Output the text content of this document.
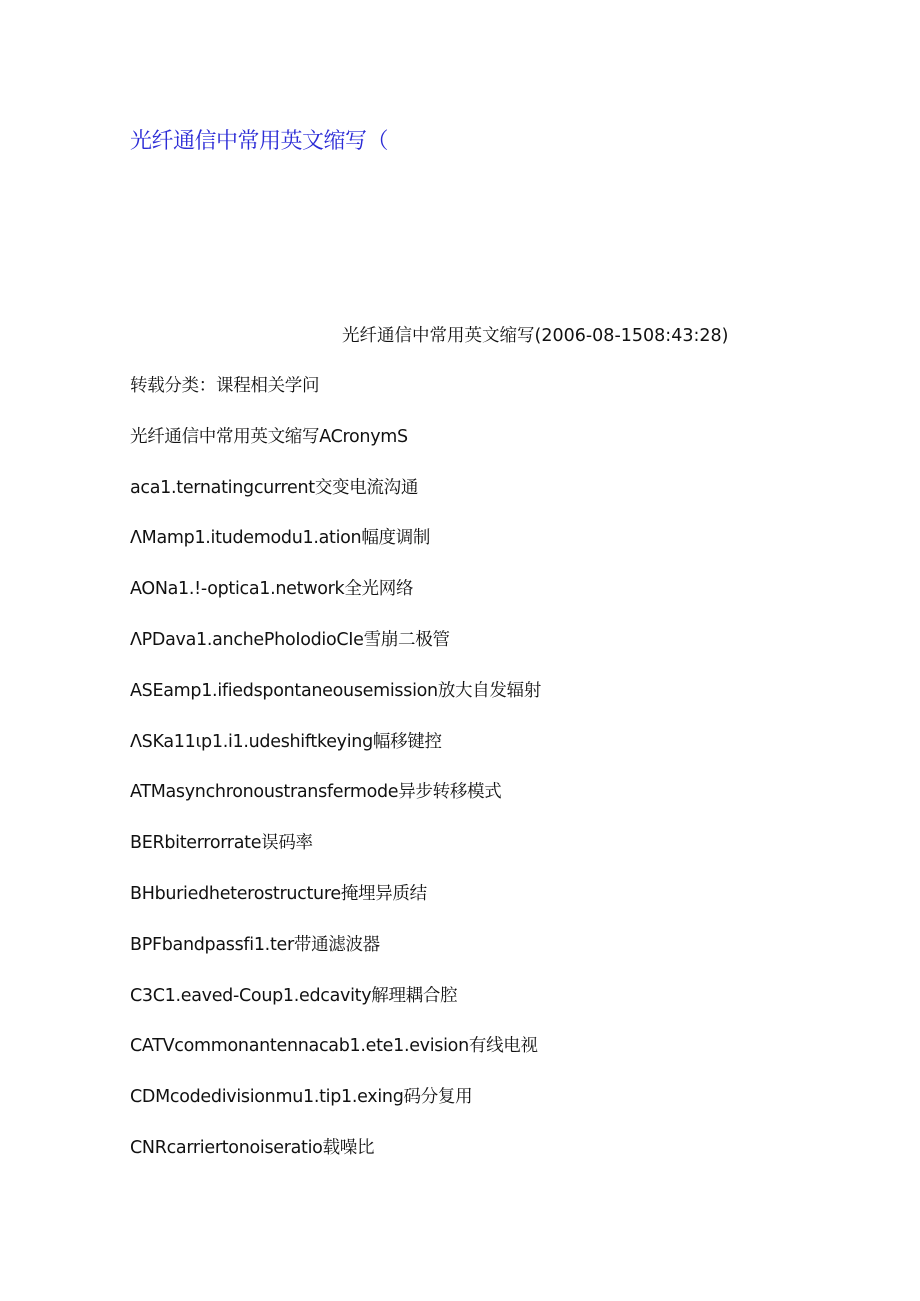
光纤通信中常用英文缩写（
光纤通信中常用英文缩写(2006-08-1508:43:28)
转载分类：课程相关学问
光纤通信中常用英文缩写ACronymS
aca1.ternatingcurrent交变电流沟通
ΛMamp1.itudemodu1.ation幅度调制
AONa1.!-optica1.network全光网络
ΛPDava1.anchePhoIodioCIe雪崩二极管
ASEamp1.ifiedspontaneousemission放大自发辐射
ΛSKa11ιp1.i1.udeshiftkeying幅移键控
ATMasynchronoustransfermode异步转移模式
BERbiterrorrate误码率
BHburiedheterostructure掩埋异质结
BPFbandpassfi1.ter带通滤波器
C3C1.eaved-Coup1.edcavity解理耦合腔
CATVcommonantennacab1.ete1.evision有线电视
CDMcodedivisionmu1.tip1.exing码分复用
CNRcarriertonoiseratio载噪比
